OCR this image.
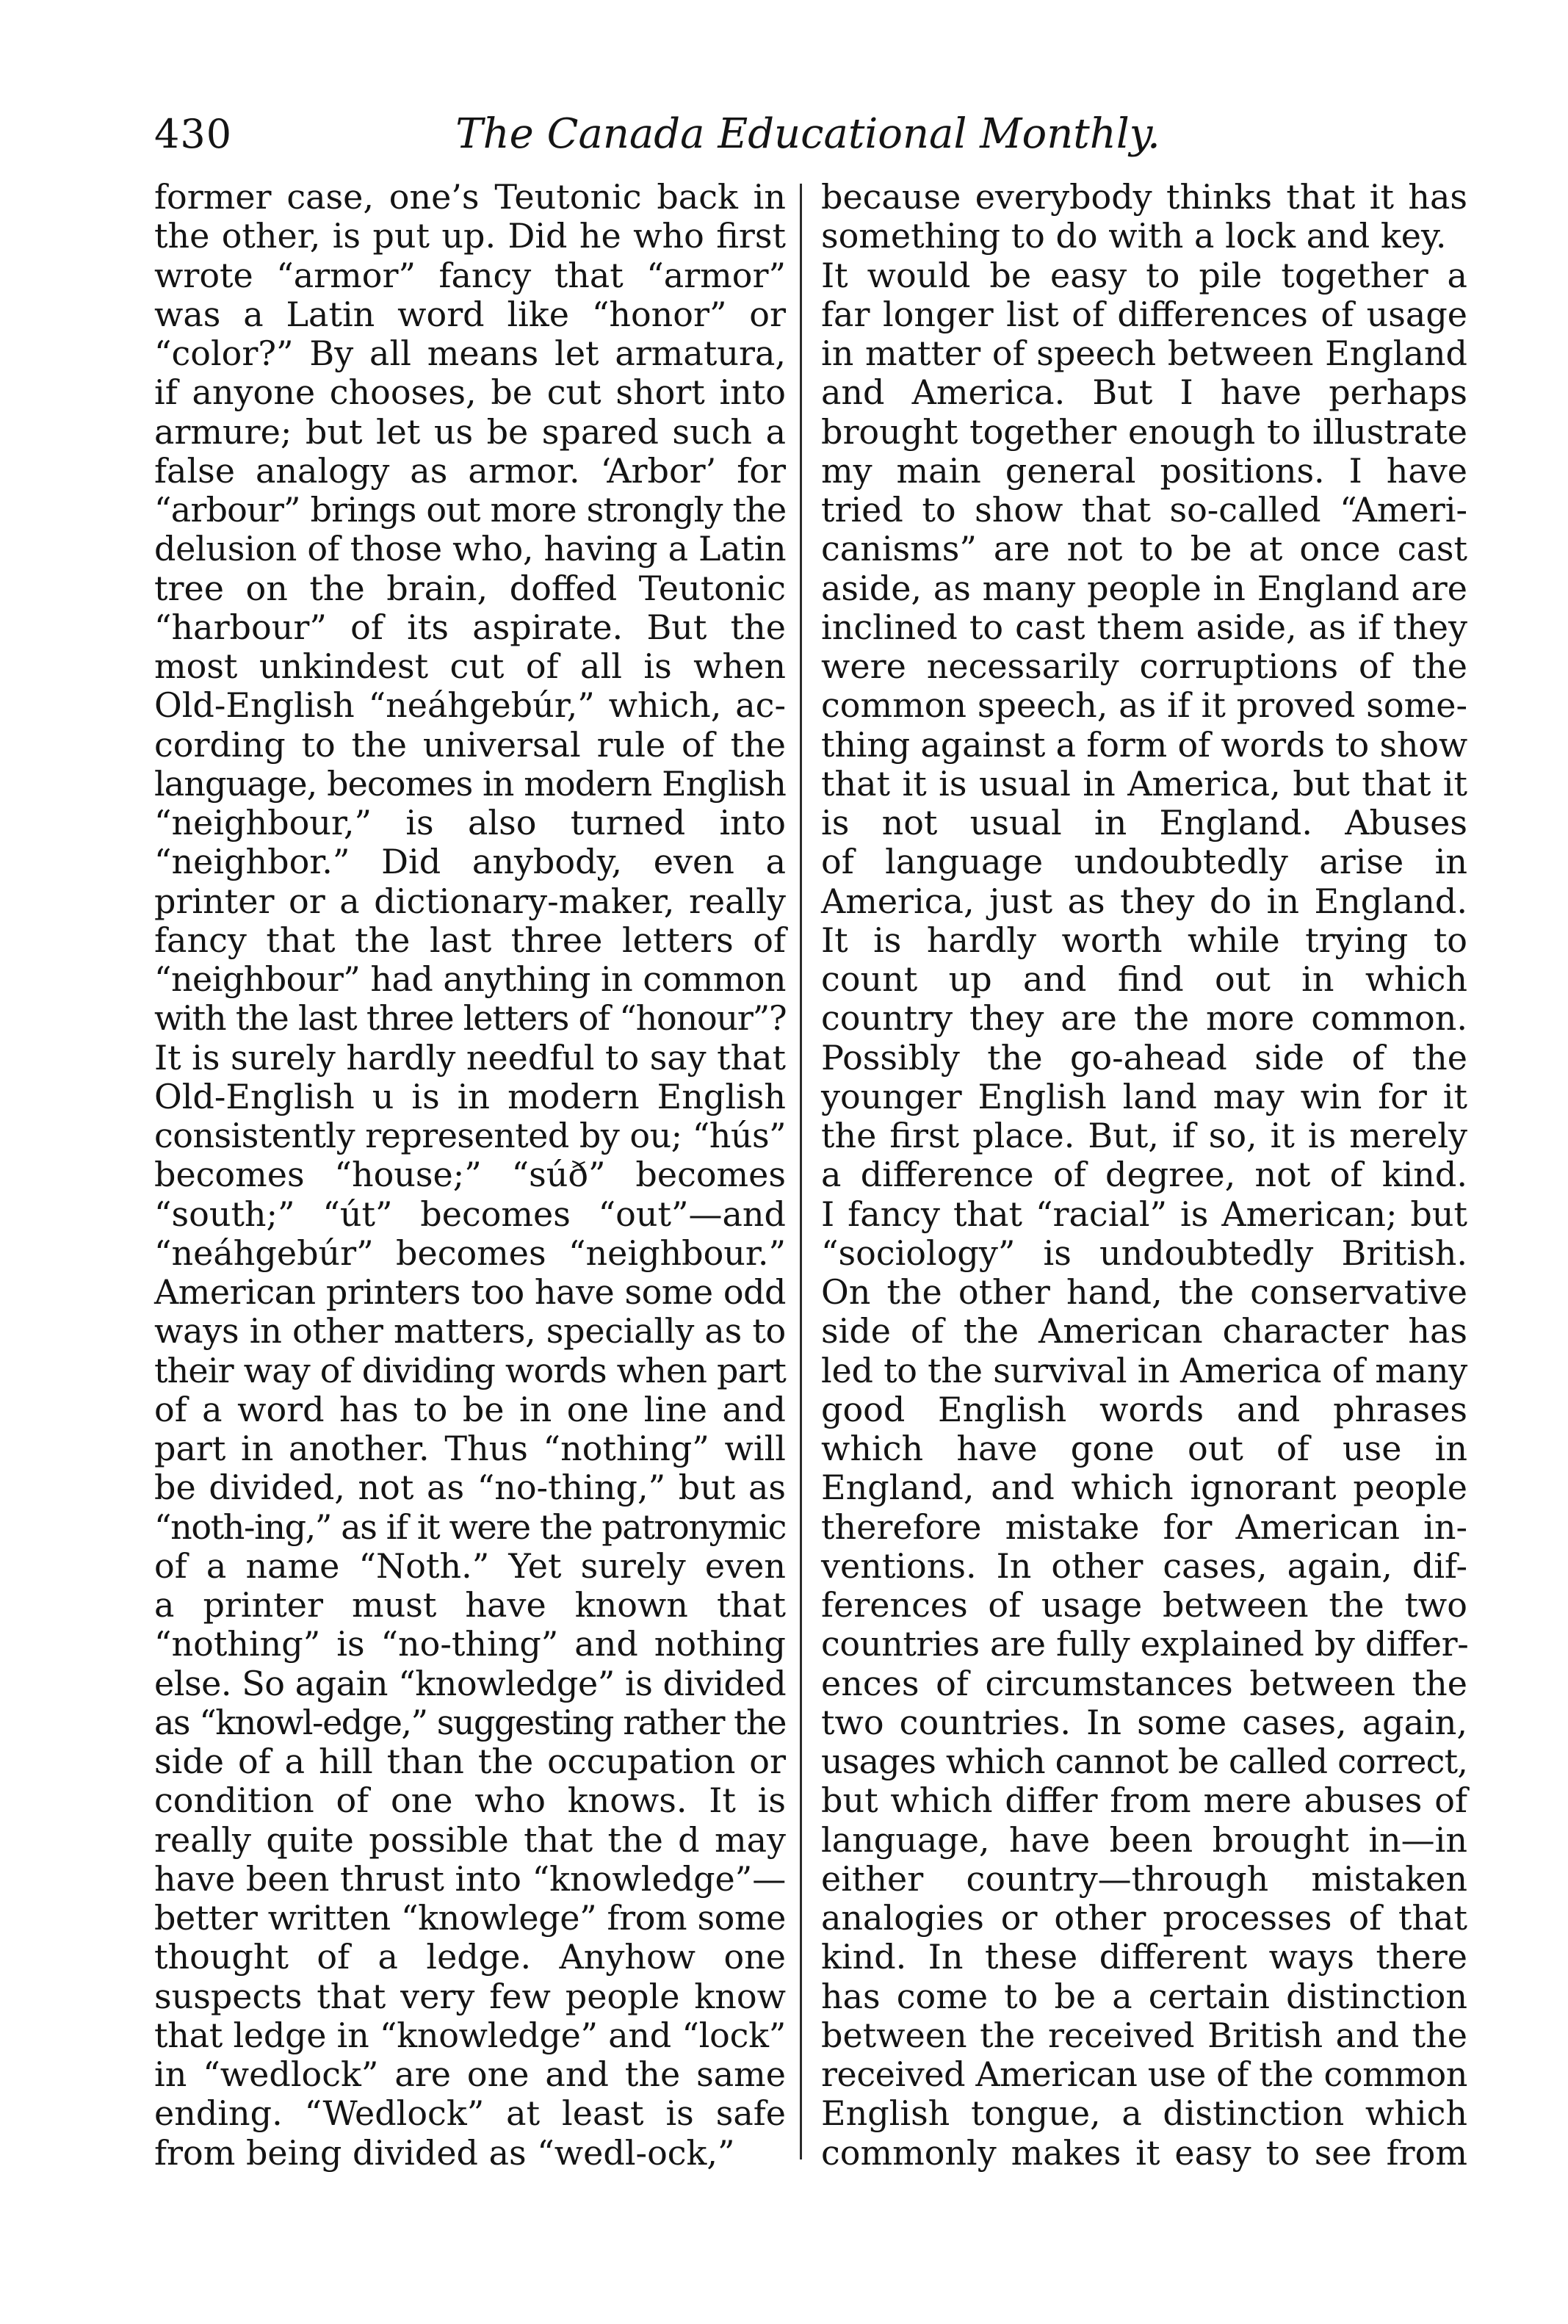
430	The Canada Educational Monthly.
former case, one’s Teutonic back in
the other, is put up. Did he who first
wrote “armor” fancy that “armor”
was a Latin word like “honor” or
“color?” By all means let armatura,
if anyone chooses, be cut short into
armure; but let us be spared such a
false analogy as armor. ‘Arbor’ for
“arbour” brings out more strongly the
delusion of those who, having a Latin
tree on the brain, doffed Teutonic
“harbour” of its aspirate. But the
most unkindest cut of all is when
Old-English “neáhgebúr,” which, ac-
cording to the universal rule of the
language, becomes in modern English
“neighbour,” is also turned into
“neighbor.” Did anybody, even a
printer or a dictionary-maker, really
fancy that the last three letters of
“neighbour” had anything in common
with the last three letters of “honour”?
It is surely hardly needful to say that
Old-English u is in modern English
consistently represented by ou; “hús”
becomes “house;” “súð” becomes
“south;” “út” becomes “out”—and
“neáhgebúr” becomes “neighbour.”
American printers too have some odd
ways in other matters, specially as to
their way of dividing words when part
of a word has to be in one line and
part in another. Thus “nothing” will
be divided, not as “no-thing,” but as
“noth-ing,” as if it were the patronymic
of a name “Noth.” Yet surely even
a printer must have known that
“nothing” is “no-thing” and nothing
else. So again “knowledge” is divided
as “knowl-edge,” suggesting rather the
side of a hill than the occupation or
condition of one who knows. It is
really quite possible that the d may
have been thrust into “knowledge”—
better written “knowlege” from some
thought of a ledge. Anyhow one
suspects that very few people know
that ledge in “knowledge” and “lock”
in “wedlock” are one and the same
ending. “Wedlock” at least is safe
from being divided as “wedl-ock,”
because everybody thinks that it has
something to do with a lock and key.
It would be easy to pile together a
far longer list of differences of usage
in matter of speech between England
and America. But I have perhaps
brought together enough to illustrate
my main general positions. I have
tried to show that so-called “Ameri-
canisms” are not to be at once cast
aside, as many people in England are
inclined to cast them aside, as if they
were necessarily corruptions of the
common speech, as if it proved some-
thing against a form of words to show
that it is usual in America, but that it
is not usual in England. Abuses
of language undoubtedly arise in
America, just as they do in England.
It is hardly worth while trying to
count up and find out in which
country they are the more common.
Possibly the go-ahead side of the
younger English land may win for it
the first place. But, if so, it is merely
a difference of degree, not of kind.
I fancy that “racial” is American; but
“sociology” is undoubtedly British.
On the other hand, the conservative
side of the American character has
led to the survival in America of many
good English words and phrases
which have gone out of use in
England, and which ignorant people
therefore mistake for American in-
ventions. In other cases, again, dif-
ferences of usage between the two
countries are fully explained by differ-
ences of circumstances between the
two countries. In some cases, again,
usages which cannot be called correct,
but which differ from mere abuses of
language, have been brought in—in
either country—through mistaken
analogies or other processes of that
kind. In these different ways there
has come to be a certain distinction
between the received British and the
received American use of the common
English tongue, a distinction which
commonly makes it easy to see from
